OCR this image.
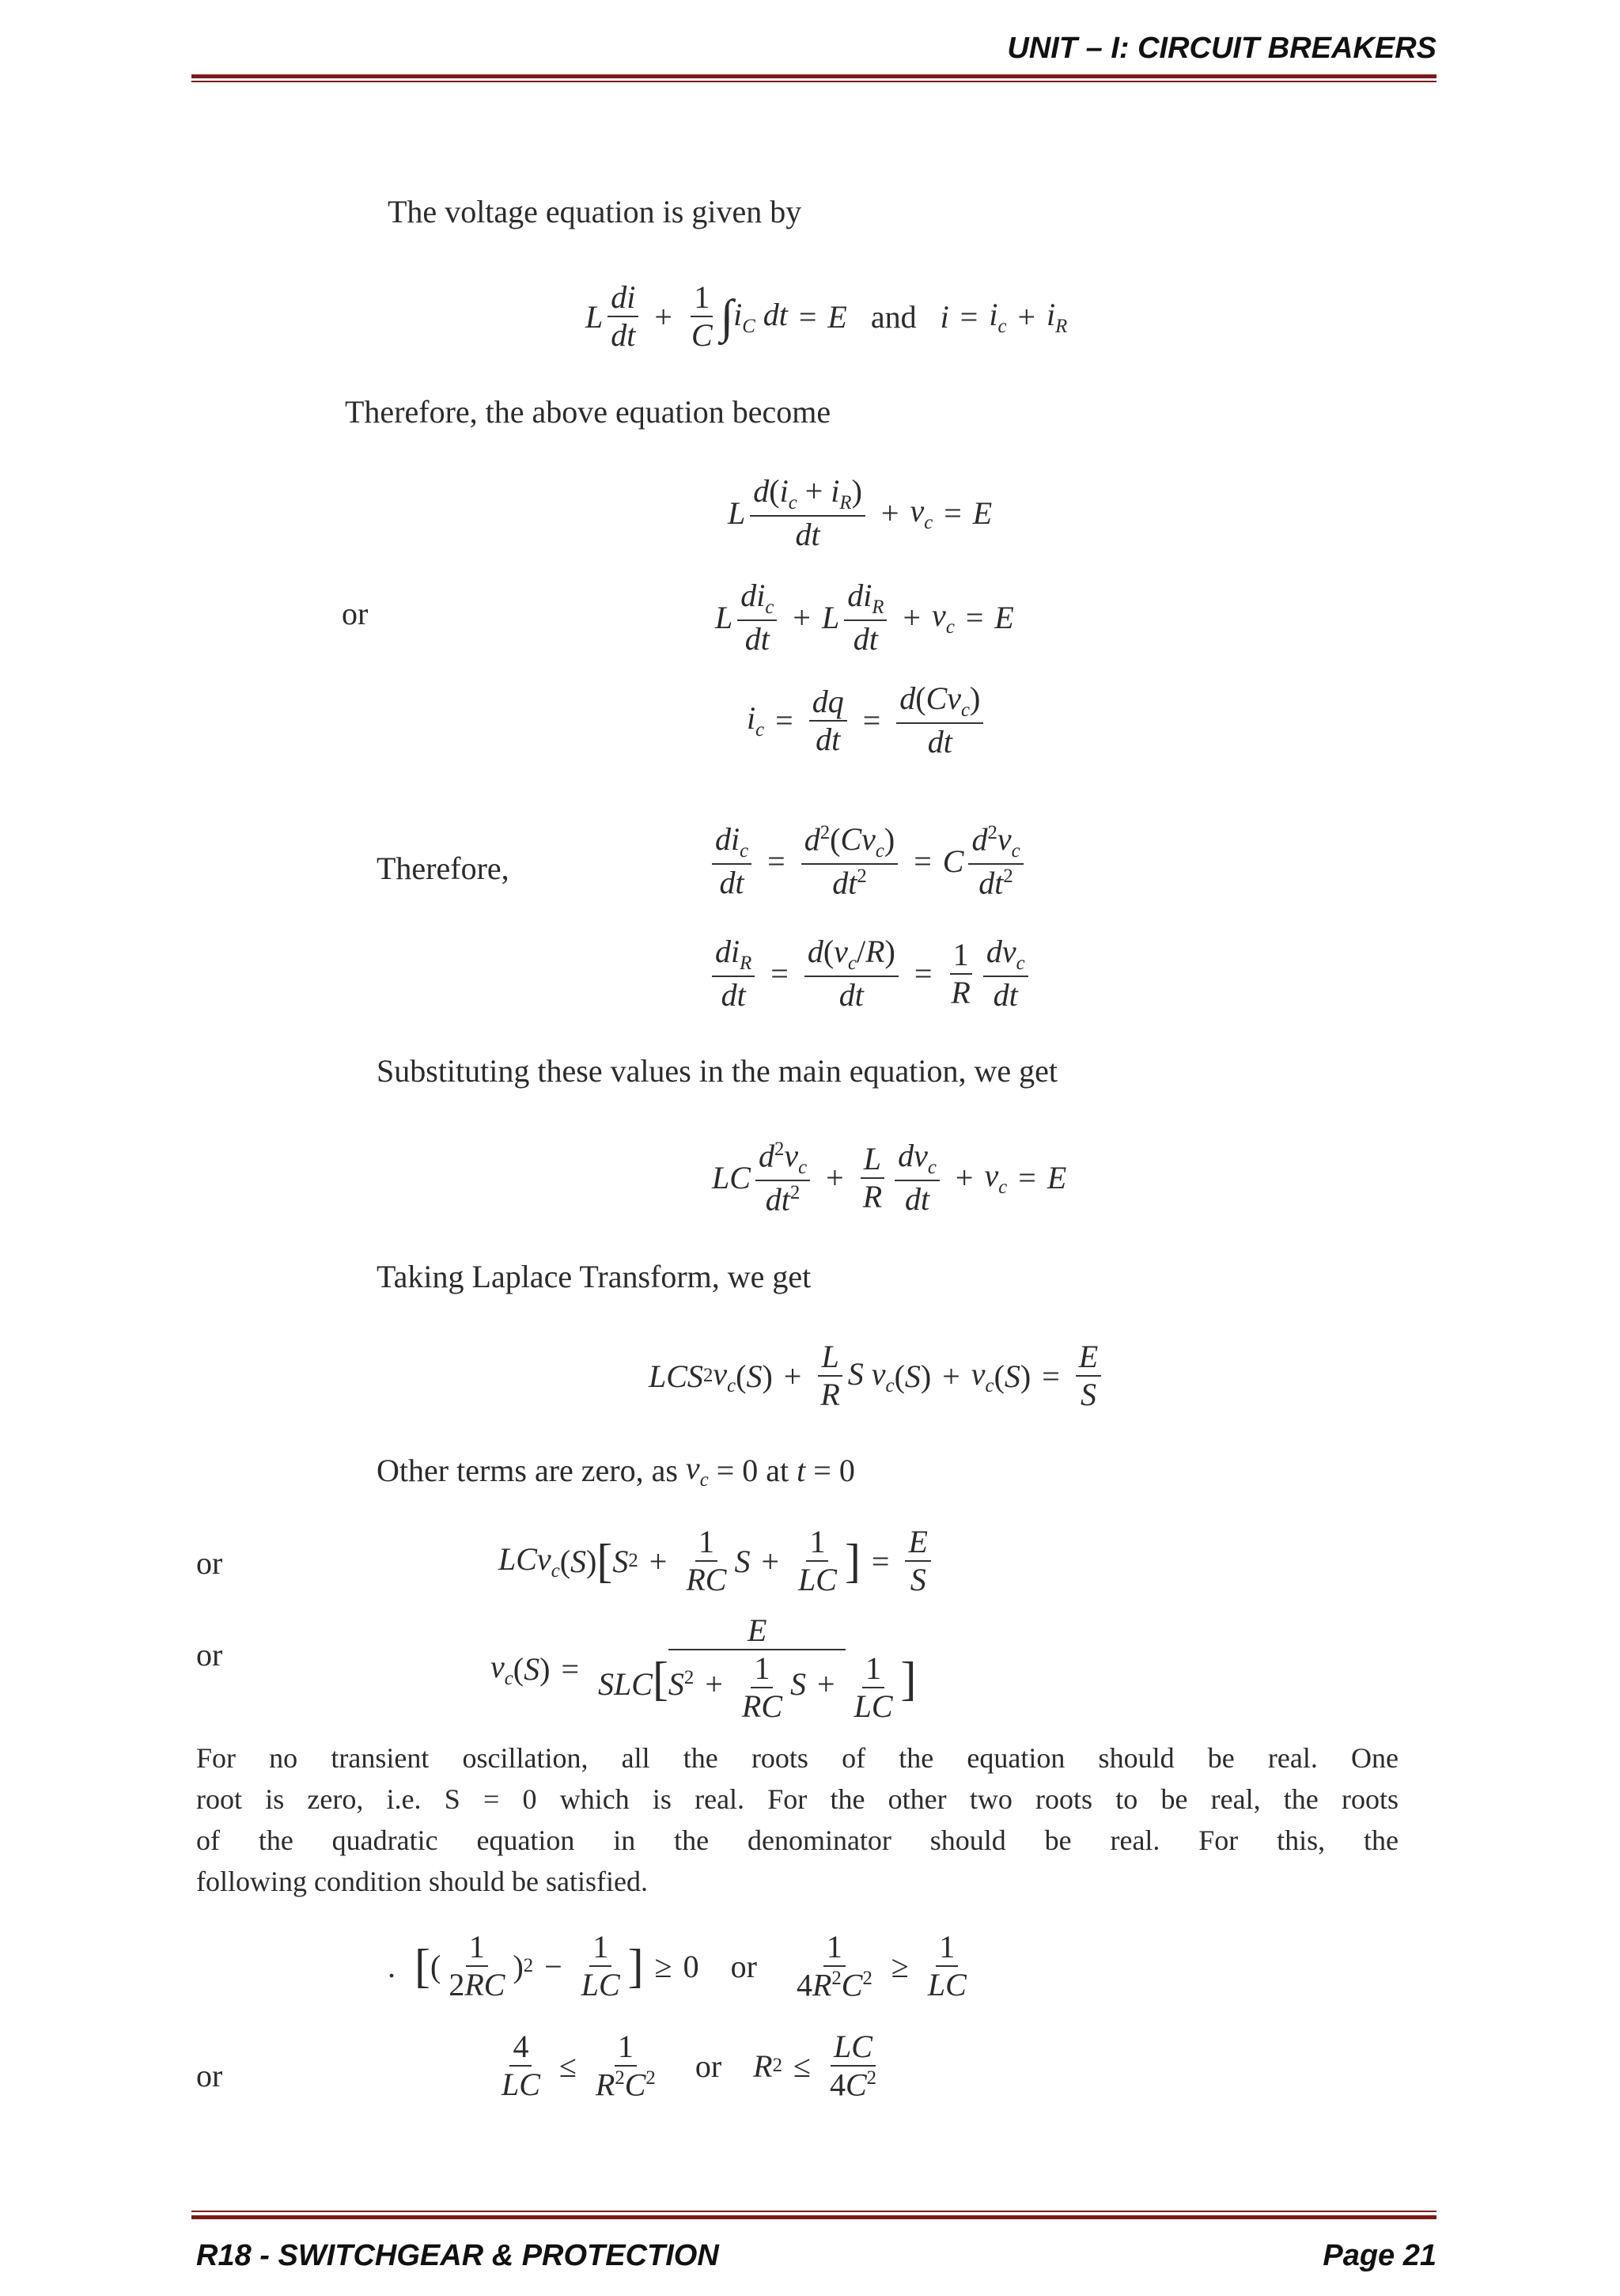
UNIT – I: CIRCUIT BREAKERS
The voltage equation is given by
L $\frac{di}{dt} + \frac{1}{C}$ ∫ $i_C$ dt = E and $i = i_c + i_R$
Therefore, the above equation become
L $\frac{d(i_c + i_R)}{dt} + v_c = E$
or	L $\frac{di_c}{dt} + L \frac{di_R}{dt} + v_c = E$
$i_c = \frac{dq}{dt} = \frac{d(Cv_c)}{dt}$
Therefore,	$\frac{di_c}{dt} = \frac{d^2(Cv_c)}{dt^2} = C \frac{d^2v_c}{dt^2}$
$\frac{di_R}{dt} = \frac{d(v_c/R)}{dt} = \frac{1}{R} \frac{dv_c}{dt}$
Substituting these values in the main equation, we get
LC $\frac{d^2v_c}{dt^2} + \frac{L}{R} \frac{dv_c}{dt} + v_c = E$
Taking Laplace Transform, we get
LCS 2 $v_c$ ( S ) + $\frac{L}{R}$ S $v_c$ ( S ) + $v_c$ ( S ) = $\frac{E}{S}$
Other terms are zero, as
$v_c = 0$ at t = 0
or	LCv$_c$ ( S ) [ S $2 + \frac{1}{RC}$ $S + \frac{1}{LC}$ ] = $\frac{E}{S}$
or	$v_c$ ( S ) = $\frac{E}{SLC[S^2 + \frac{1}{RC} S + \frac{1}{LC} ]}$
For no transient oscillation, all the roots of the equation should be real. One
root is zero, i.e. S = 0 which is real. For the other two roots to be real, the roots
of the quadratic equation in the denominator should be real. For this, the
following condition should be satisfied.
. [ ( $\frac{1}{2RC}$ ) $2 - \frac{1}{LC}$ ] ≥ 0 or $\frac{1}{4R^2C^2} \ge \frac{1}{LC}$
or	$\frac{4}{LC} \le \frac{1}{R^2C^2}$ or R $2 \le \frac{LC}{4C^2}$
R18 - SWITCHGEAR & PROTECTION	Page 21
